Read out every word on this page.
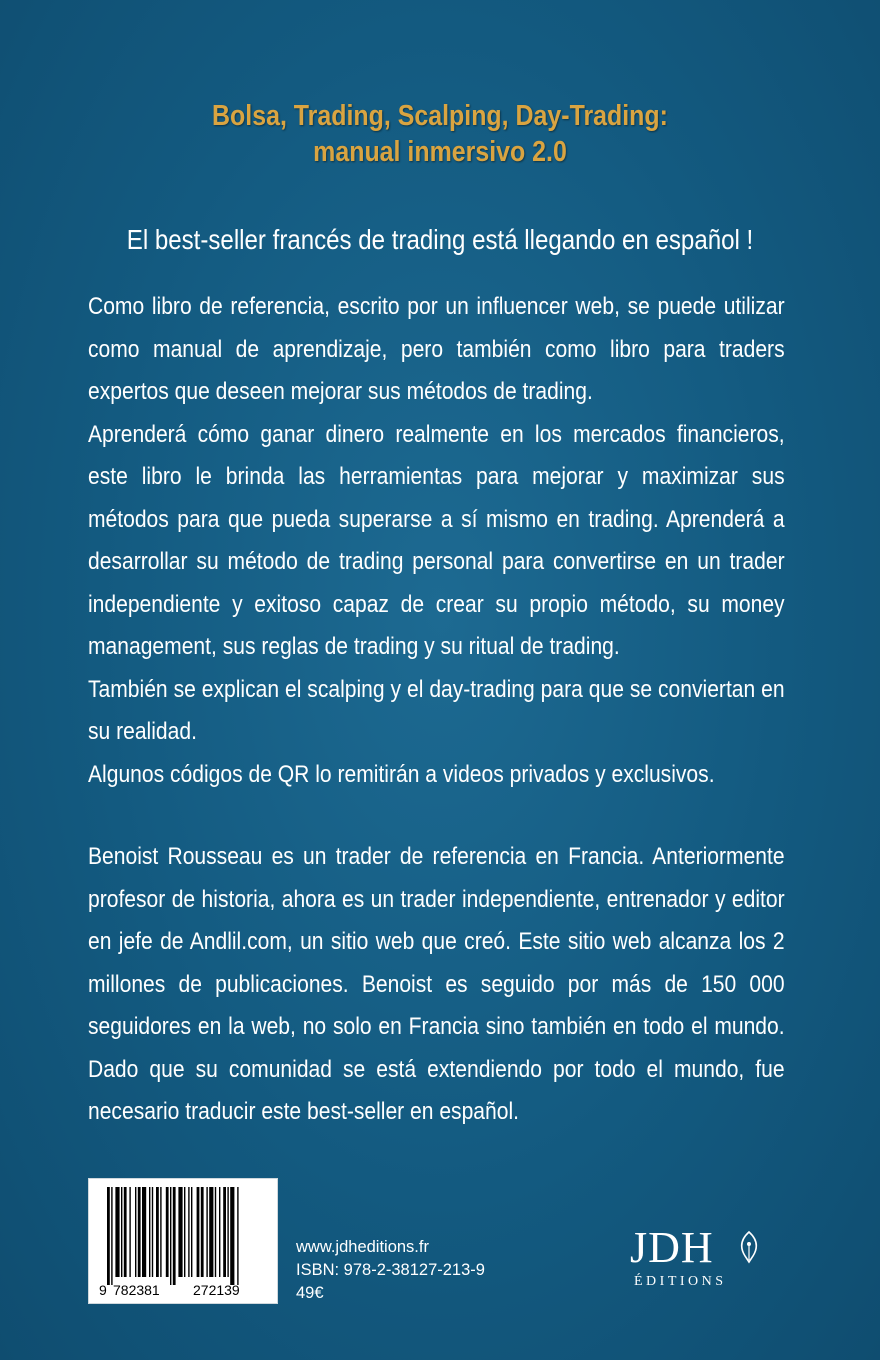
Bolsa, Trading, Scalping, Day-Trading:
manual inmersivo 2.0
El best-seller francés de trading está llegando en español !

Como libro de referencia, escrito por un influencer web, se puede utilizar como manual de aprendizaje, pero también como libro para traders expertos que deseen mejorar sus métodos de trading.

Aprenderá cómo ganar dinero realmente en los mercados financieros, este libro le brinda las herramientas para mejorar y maximizar sus métodos para que pueda superarse a sí mismo en trading. Aprenderá a desarrollar su método de trading personal para convertirse en un trader independiente y exitoso capaz de crear su propio método, su money management, sus reglas de trading y su ritual de trading.

También se explican el scalping y el day-trading para que se conviertan en su realidad.

Algunos códigos de QR lo remitirán a videos privados y exclusivos.

Benoist Rousseau es un trader de referencia en Francia. Anteriormente profesor de historia, ahora es un trader independiente, entrenador y editor en jefe de Andlil.com, un sitio web que creó. Este sitio web alcanza los 2 millones de publicaciones. Benoist es seguido por más de 150 000 seguidores en la web, no solo en Francia sino también en todo el mundo. Dado que su comunidad se está extendiendo por todo el mundo, fue necesario traducir este best-seller en español.

9 782381 272139
www.jdheditions.fr
ISBN: 978-2-38127-213-9
49€
JDH
ÉDITIONS
